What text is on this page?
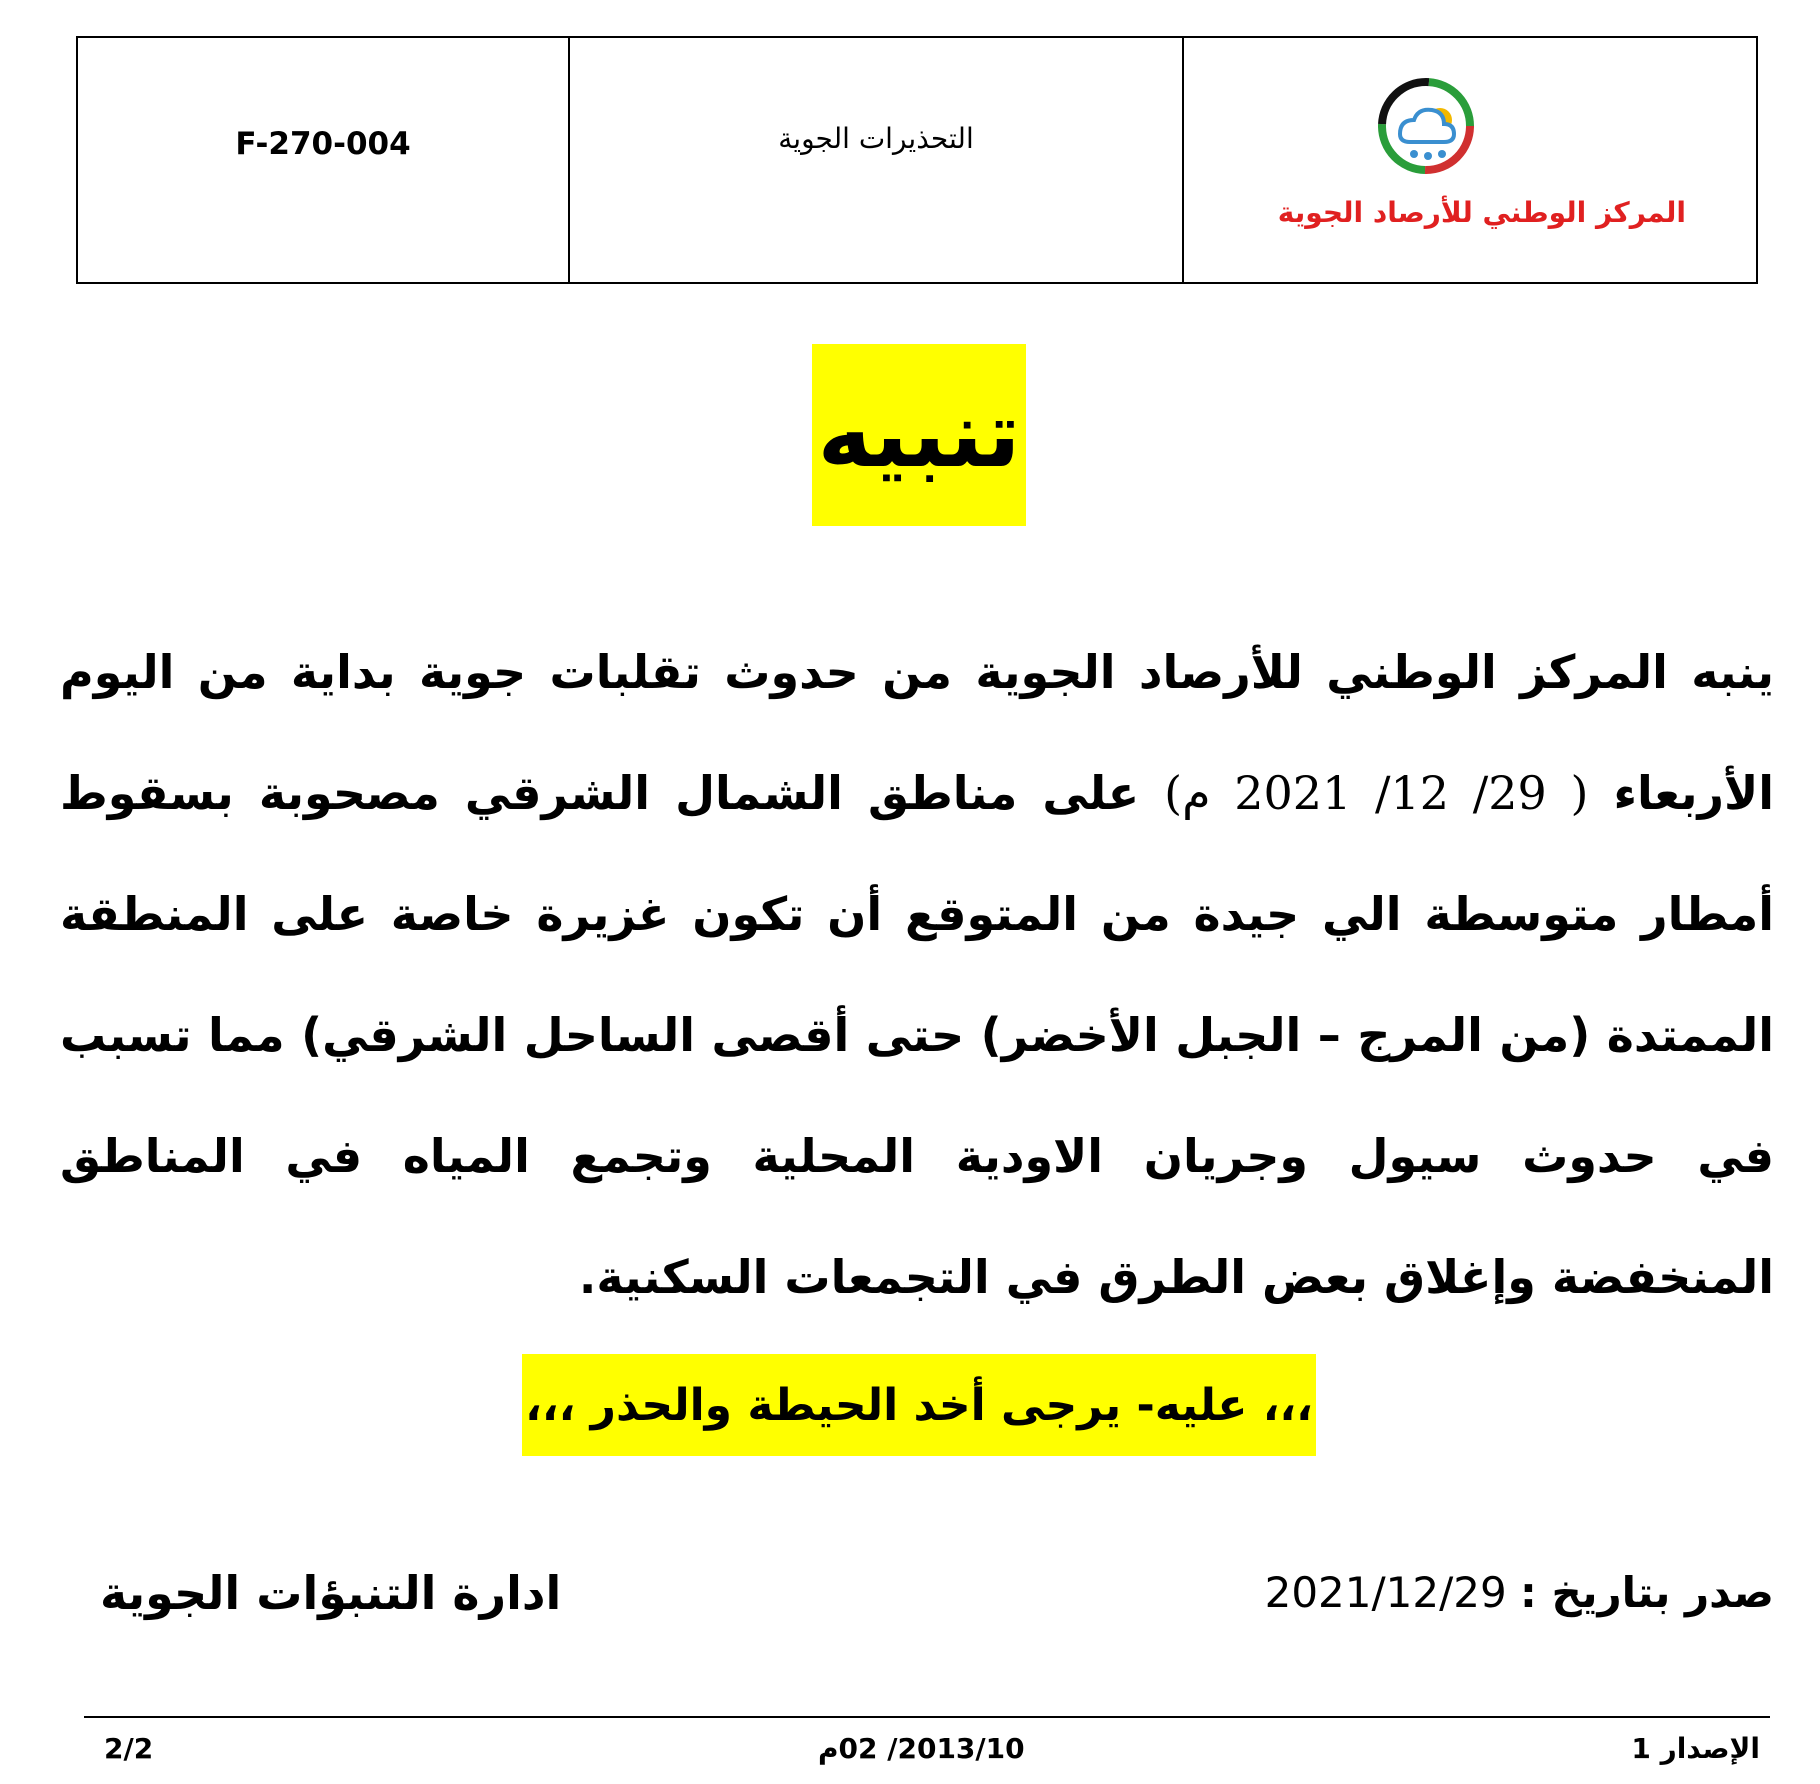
F-270-004	التحذيرات الجوية
المركز الوطني للأرصاد الجوية
تنبيه
ينبه المركز الوطني للأرصاد الجوية من حدوث تقلبات جوية بداية من اليوم الأربعاء ( 29/ 12/ 2021 م) على مناطق الشمال الشرقي مصحوبة بسقوط أمطار متوسطة الي جيدة من المتوقع أن تكون غزيرة خاصة على المنطقة الممتدة (من المرج – الجبل الأخضر) حتى أقصى الساحل الشرقي) مما تسبب في حدوث سيول وجريان الاودية المحلية وتجمع المياه في المناطق المنخفضة وإغلاق بعض الطرق في التجمعات السكنية.
،،، عليه- يرجى أخد الحيطة والحذر ،،،
صدر بتاريخ : 2021/12/29
ادارة التنبؤات الجوية
2/2	2013/10/ 02م	الإصدار 1
